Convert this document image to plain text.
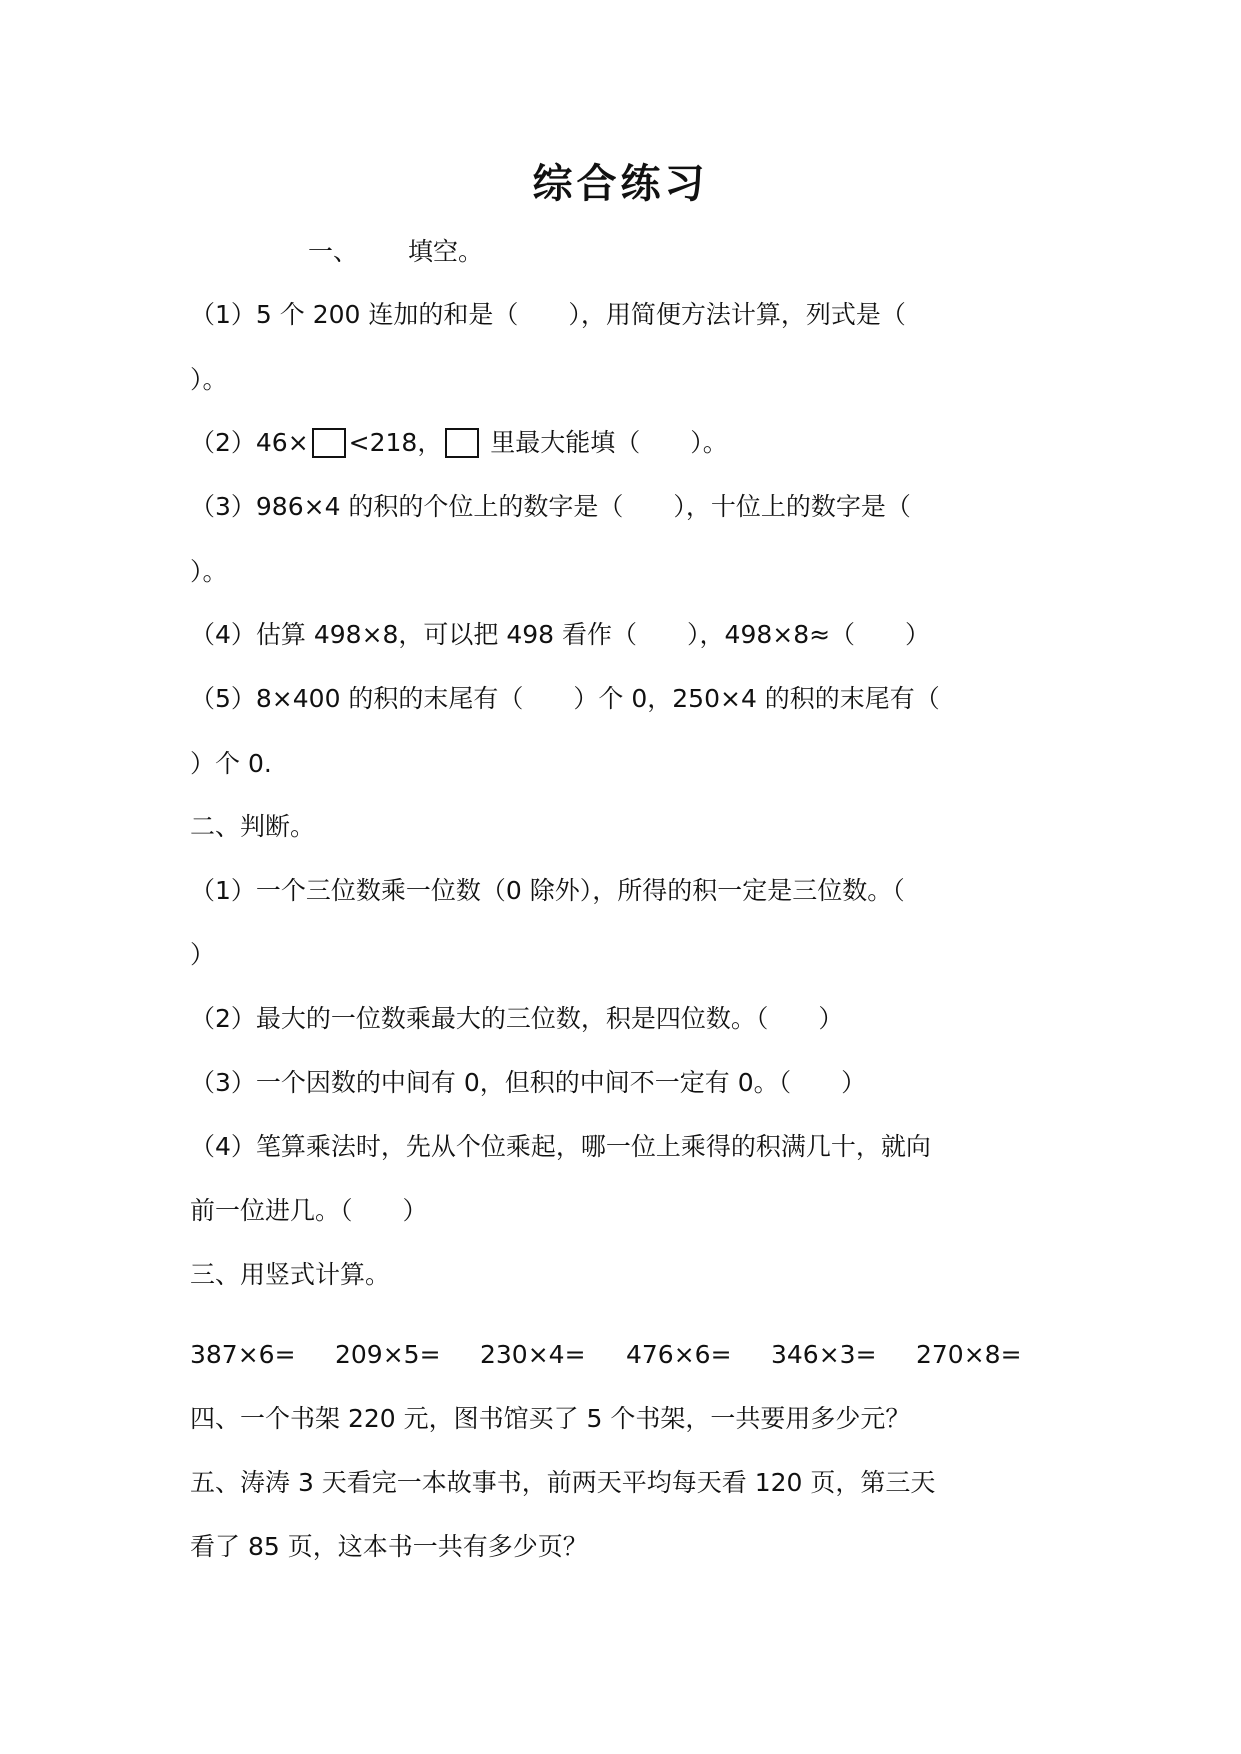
综合练习
一、 填空。
（1）5 个 200 连加的和是（　　），用简便方法计算，列式是（
）。
（2）46× <218， 里最大能填（　　）。
（3）986×4 的积的个位上的数字是（　　），十位上的数字是（
）。
（4）估算 498×8，可以把 498 看作（　　），498×8≈（　　）
（5）8×400 的积的末尾有（　　）个 0，250×4 的积的末尾有（
）个 0.
二、判断。
（1）一个三位数乘一位数（0 除外），所得的积一定是三位数。（
）
（2）最大的一位数乘最大的三位数，积是四位数。（　　）
（3）一个因数的中间有 0，但积的中间不一定有 0。（　　）
（4）笔算乘法时，先从个位乘起，哪一位上乘得的积满几十，就向
前一位进几。（　　）
三、用竖式计算。
387×6= 209×5= 230×4= 476×6= 346×3= 270×8=
四、一个书架 220 元，图书馆买了 5 个书架，一共要用多少元？
五、涛涛 3 天看完一本故事书，前两天平均每天看 120 页，第三天
看了 85 页，这本书一共有多少页？
